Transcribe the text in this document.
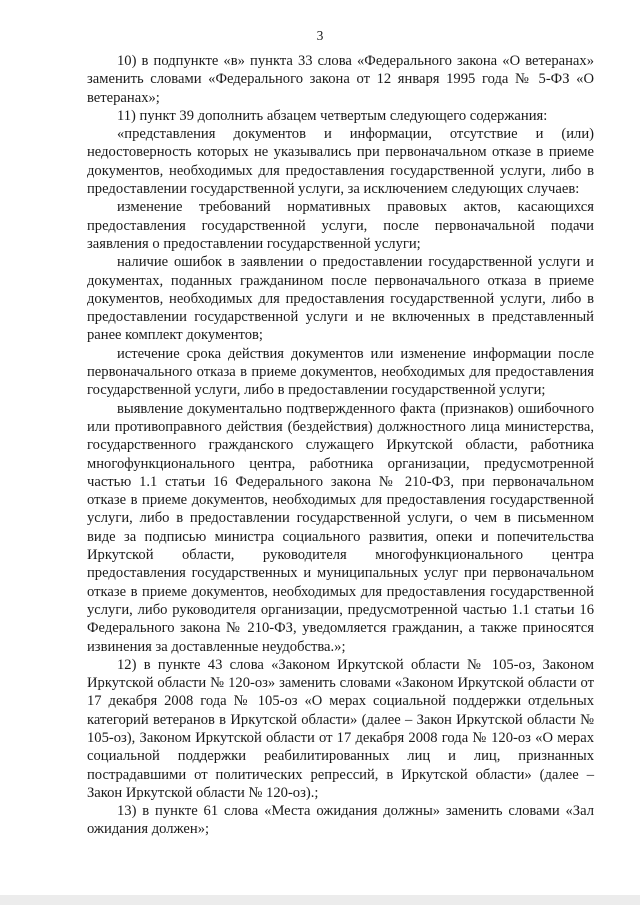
3

10) в подпункте «в» пункта 33 слова «Федерального закона «О ветеранах» заменить словами «Федерального закона от 12 января 1995 года № 5-ФЗ «О ветеранах»;

11) пункт 39 дополнить абзацем четвертым следующего содержания:

«представления документов и информации, отсутствие и (или) недостоверность которых не указывались при первоначальном отказе в приеме документов, необходимых для предоставления государственной услуги, либо в предоставлении государственной услуги, за исключением следующих случаев:

изменение требований нормативных правовых актов, касающихся предоставления государственной услуги, после первоначальной подачи заявления о предоставлении государственной услуги;

наличие ошибок в заявлении о предоставлении государственной услуги и документах, поданных гражданином после первоначального отказа в приеме документов, необходимых для предоставления государственной услуги, либо в предоставлении государственной услуги и не включенных в представленный ранее комплект документов;

истечение срока действия документов или изменение информации после первоначального отказа в приеме документов, необходимых для предоставления государственной услуги, либо в предоставлении государственной услуги;

выявление документально подтвержденного факта (признаков) ошибочного или противоправного действия (бездействия) должностного лица министерства, государственного гражданского служащего Иркутской области, работника многофункционального центра, работника организации, предусмотренной частью 1.1 статьи 16 Федерального закона № 210-ФЗ, при первоначальном отказе в приеме документов, необходимых для предоставления государственной услуги, либо в предоставлении государственной услуги, о чем в письменном виде за подписью министра социального развития, опеки и попечительства Иркутской области, руководителя многофункционального центра предоставления государственных и муниципальных услуг при первоначальном отказе в приеме документов, необходимых для предоставления государственной услуги, либо руководителя организации, предусмотренной частью 1.1 статьи 16 Федерального закона № 210-ФЗ, уведомляется гражданин, а также приносятся извинения за доставленные неудобства.»;

12) в пункте 43 слова «Законом Иркутской области № 105-оз, Законом Иркутской области № 120-оз» заменить словами «Законом Иркутской области от 17 декабря 2008 года № 105-оз «О мерах социальной поддержки отдельных категорий ветеранов в Иркутской области» (далее – Закон Иркутской области № 105-оз), Законом Иркутской области от 17 декабря 2008 года № 120-оз «О мерах социальной поддержки реабилитированных лиц и лиц, признанных пострадавшими от политических репрессий, в Иркутской области» (далее – Закон Иркутской области № 120-оз).;

13) в пункте 61 слова «Места ожидания должны» заменить словами «Зал ожидания должен»;
